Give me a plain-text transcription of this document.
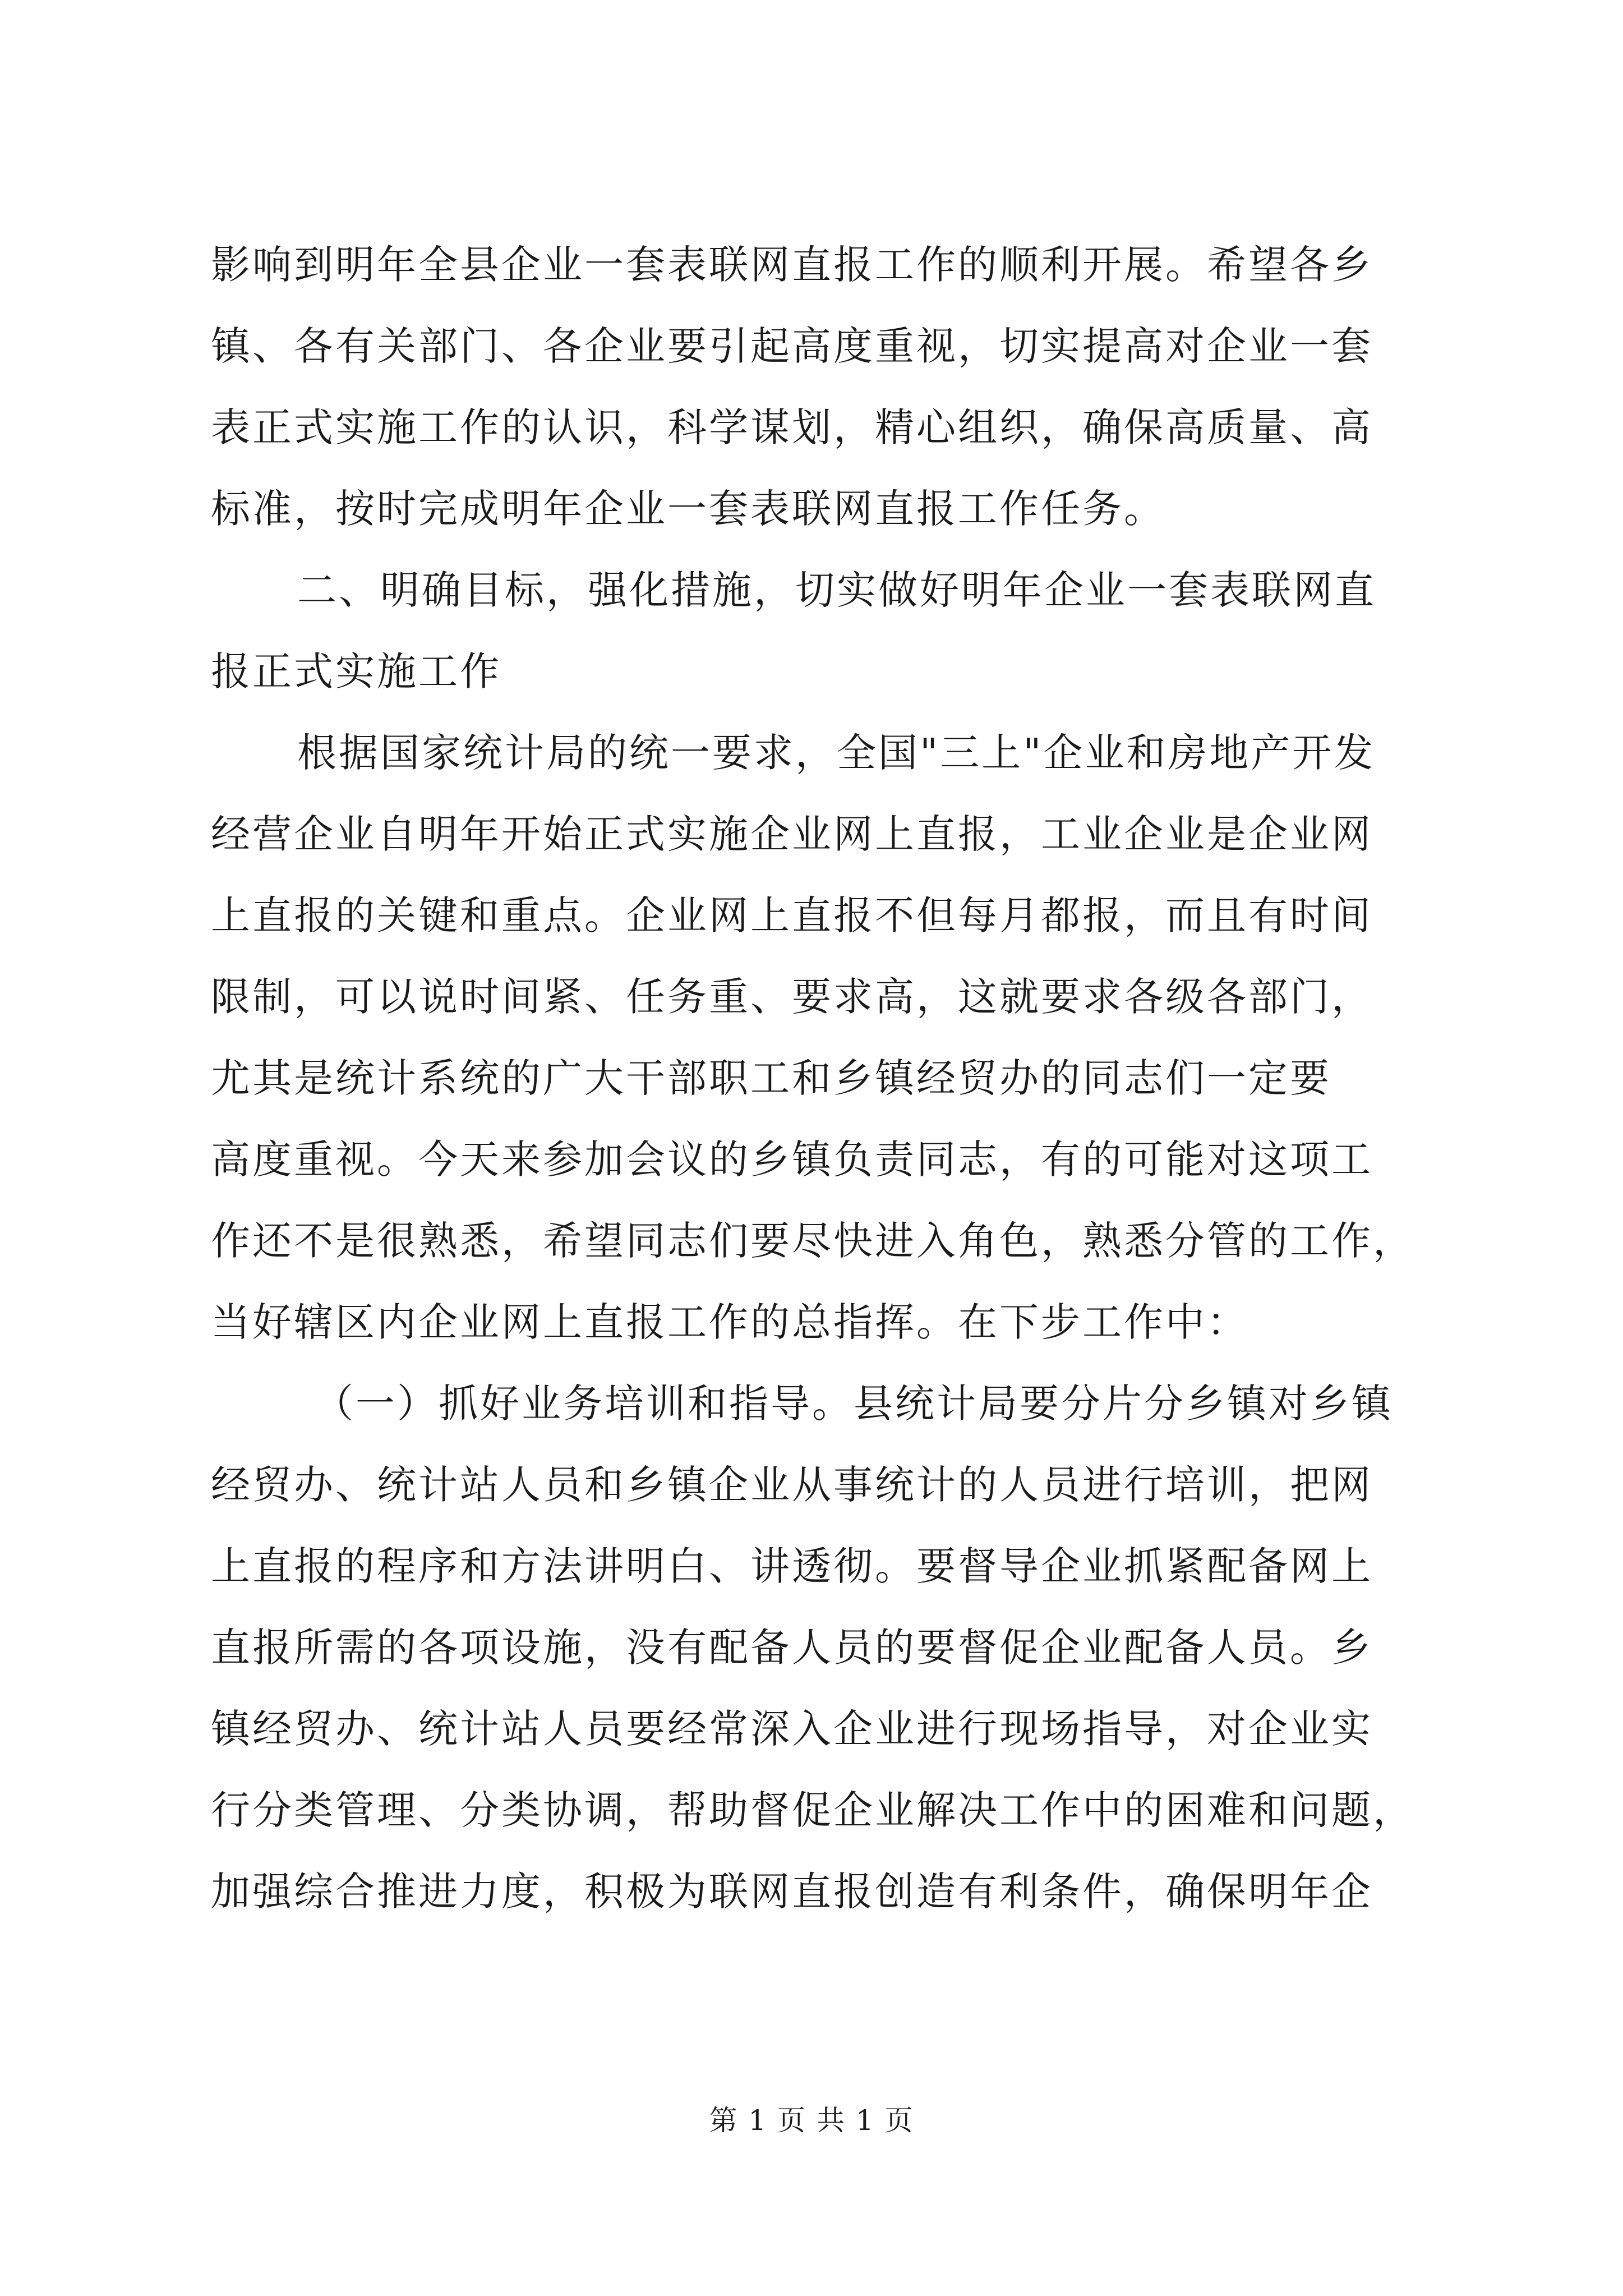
影响到明年全县企业一套表联网直报工作的顺利开展。希望各乡
镇、各有关部门、各企业要引起高度重视，切实提高对企业一套
表正式实施工作的认识，科学谋划，精心组织，确保高质量、高
标准，按时完成明年企业一套表联网直报工作任务。
二、明确目标，强化措施，切实做好明年企业一套表联网直
报正式实施工作
根据国家统计局的统一要求，全国"三上"企业和房地产开发
经营企业自明年开始正式实施企业网上直报，工业企业是企业网
上直报的关键和重点。企业网上直报不但每月都报，而且有时间
限制，可以说时间紧、任务重、要求高，这就要求各级各部门，
尤其是统计系统的广大干部职工和乡镇经贸办的同志们一定要
高度重视。今天来参加会议的乡镇负责同志，有的可能对这项工
作还不是很熟悉，希望同志们要尽快进入角色，熟悉分管的工作，
当好辖区内企业网上直报工作的总指挥。在下步工作中：
（一）抓好业务培训和指导。县统计局要分片分乡镇对乡镇
经贸办、统计站人员和乡镇企业从事统计的人员进行培训，把网
上直报的程序和方法讲明白、讲透彻。要督导企业抓紧配备网上
直报所需的各项设施，没有配备人员的要督促企业配备人员。乡
镇经贸办、统计站人员要经常深入企业进行现场指导，对企业实
行分类管理、分类协调，帮助督促企业解决工作中的困难和问题，
加强综合推进力度，积极为联网直报创造有利条件，确保明年企
第 1 页 共 1 页
